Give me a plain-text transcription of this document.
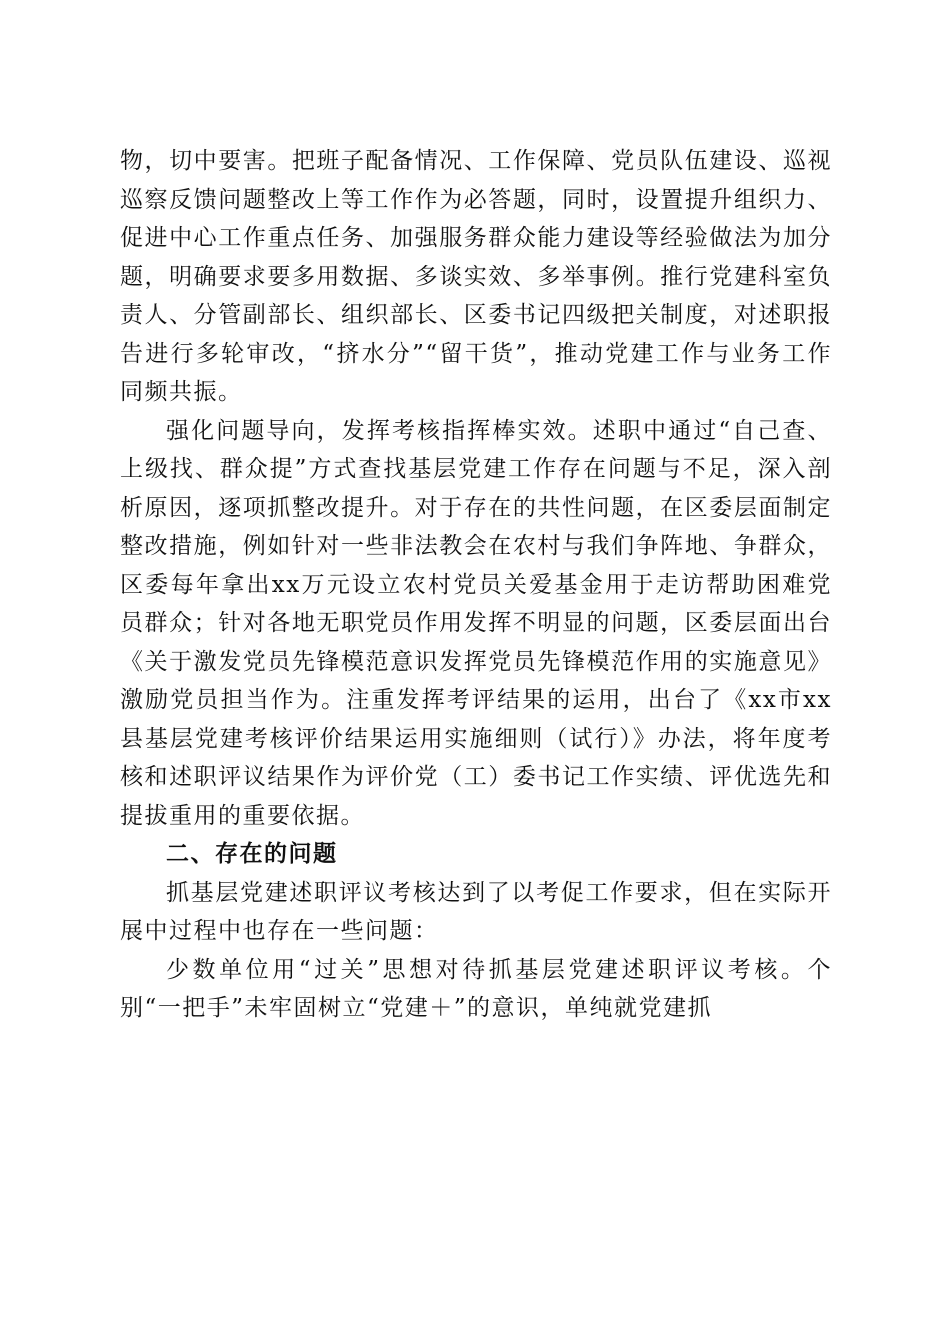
物，切中要害。把班子配备情况、工作保障、党员队伍建设、巡视巡察反馈问题整改上等工作作为必答题，同时，设置提升组织力、促进中心工作重点任务、加强服务群众能力建设等经验做法为加分题，明确要求要多用数据、多谈实效、多举事例。推行党建科室负责人、分管副部长、组织部长、区委书记四级把关制度，对述职报告进行多轮审改，“挤水分”“留干货”，推动党建工作与业务工作同频共振。

强化问题导向，发挥考核指挥棒实效。述职中通过“自己查、上级找、群众提”方式查找基层党建工作存在问题与不足，深入剖析原因，逐项抓整改提升。对于存在的共性问题，在区委层面制定整改措施，例如针对一些非法教会在农村与我们争阵地、争群众，区委每年拿出xx万元设立农村党员关爱基金用于走访帮助困难党员群众；针对各地无职党员作用发挥不明显的问题，区委层面出台《关于激发党员先锋模范意识发挥党员先锋模范作用的实施意见》激励党员担当作为。注重发挥考评结果的运用，出台了《xx市xx县基层党建考核评价结果运用实施细则（试行）》办法，将年度考核和述职评议结果作为评价党（工）委书记工作实绩、评优选先和提拔重用的重要依据。

二、存在的问题

抓基层党建述职评议考核达到了以考促工作要求，但在实际开展中过程中也存在一些问题：

少数单位用“过关”思想对待抓基层党建述职评议考核。个别“一把手”未牢固树立“党建＋”的意识，单纯就党建抓
